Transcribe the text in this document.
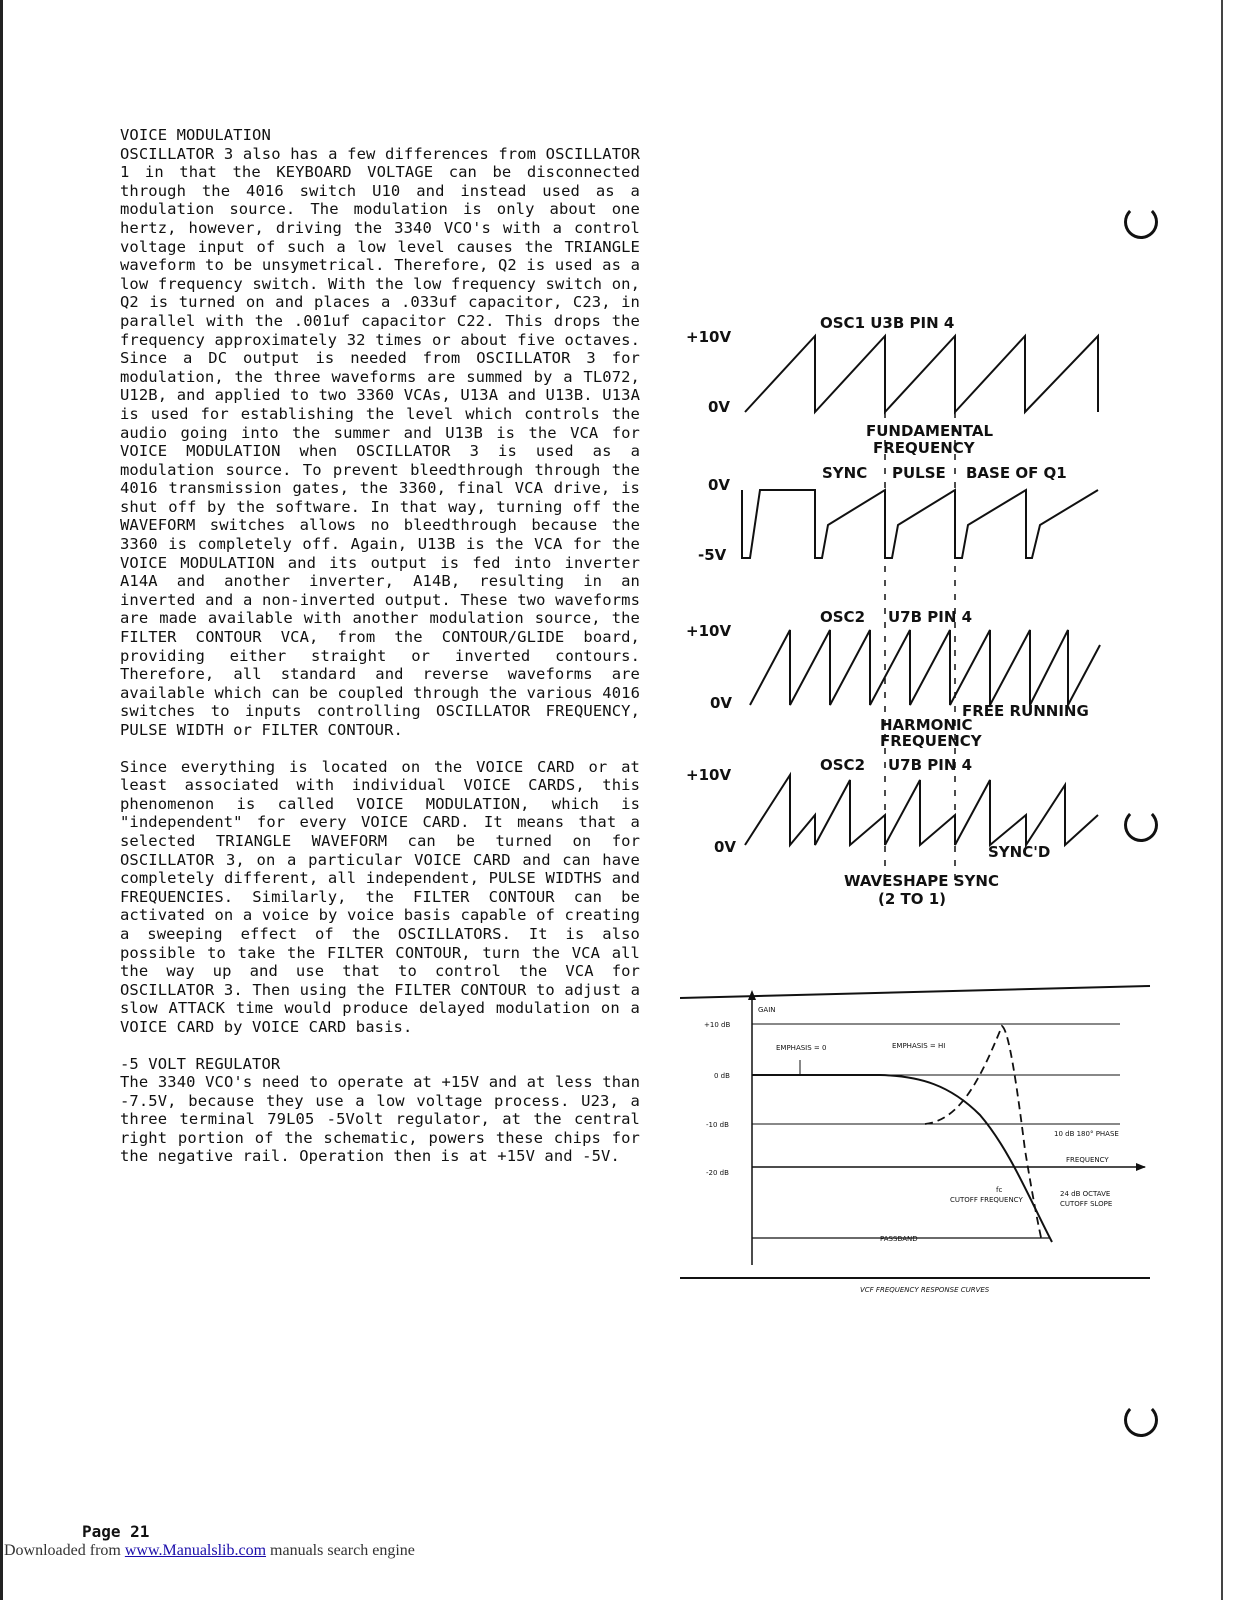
VOICE MODULATION

OSCILLATOR 3 also has a few differences from OSCILLATOR 1 in that the KEYBOARD VOLTAGE can be disconnected through the 4016 switch U10 and instead used as a modulation source. The modulation is only about one hertz, however, driving the 3340 VCO's with a control voltage input of such a low level causes the TRIANGLE waveform to be unsymetrical. Therefore, Q2 is used as a low frequency switch. With the low frequency switch on, Q2 is turned on and places a .033uf capacitor, C23, in parallel with the .001uf capacitor C22. This drops the frequency approximately 32 times or about five octaves. Since a DC output is needed from OSCILLATOR 3 for modulation, the three waveforms are summed by a TL072, U12B, and applied to two 3360 VCAs, U13A and U13B. U13A is used for establishing the level which controls the audio going into the summer and U13B is the VCA for VOICE MODULATION when OSCILLATOR 3 is used as a modulation source. To prevent bleedthrough through the 4016 transmission gates, the 3360, final VCA drive, is shut off by the software. In that way, turning off the WAVEFORM switches allows no bleedthrough because the 3360 is completely off. Again, U13B is the VCA for the VOICE MODULATION and its output is fed into inverter A14A and another inverter, A14B, resulting in an inverted and a non-inverted output. These two waveforms are made available with another modulation source, the FILTER CONTOUR VCA, from the CONTOUR/GLIDE board, providing either straight or inverted contours. Therefore, all standard and reverse waveforms are available which can be coupled through the various 4016 switches to inputs controlling OSCILLATOR FREQUENCY, PULSE WIDTH or FILTER CONTOUR.

Since everything is located on the VOICE CARD or at least associated with individual VOICE CARDS, this phenomenon is called VOICE MODULATION, which is "independent" for every VOICE CARD. It means that a selected TRIANGLE WAVEFORM can be turned on for OSCILLATOR 3, on a particular VOICE CARD and can have completely different, all independent, PULSE WIDTHS and FREQUENCIES. Similarly, the FILTER CONTOUR can be activated on a voice by voice basis capable of creating a sweeping effect of the OSCILLATORS. It is also possible to take the FILTER CONTOUR, turn the VCA all the way up and use that to control the VCA for OSCILLATOR 3. Then using the FILTER CONTOUR to adjust a slow ATTACK time would produce delayed modulation on a VOICE CARD by VOICE CARD basis.

-5 VOLT REGULATOR

The 3340 VCO's need to operate at +15V and at less than -7.5V, because they use a low voltage process. U23, a three terminal 79L05 -5Volt regulator, at the central right portion of the schematic, powers these chips for the negative rail. Operation then is at +15V and -5V.

OSC1 U3B PIN 4
+10V
0V
FUNDAMENTAL
FREQUENCY
SYNC PULSE BASE OF Q1
0V
-5V
OSC2 U7B PIN 4
+10V
0V	FREE RUNNING
HARMONIC
FREQUENCY
OSC2 U7B PIN 4
+10V
0V	SYNC'D
WAVESHAPE SYNC
(2 TO 1)
GAIN
+10 dB
0 dB
-10 dB
-20 dB
EMPHASIS = 0	EMPHASIS = HI
10 dB 180° PHASE
FREQUENCY
fc
CUTOFF FREQUENCY
24 dB OCTAVE
CUTOFF SLOPE
PASSBAND
VCF FREQUENCY RESPONSE CURVES
Page 21
Downloaded from www.Manualslib.com manuals search engine
